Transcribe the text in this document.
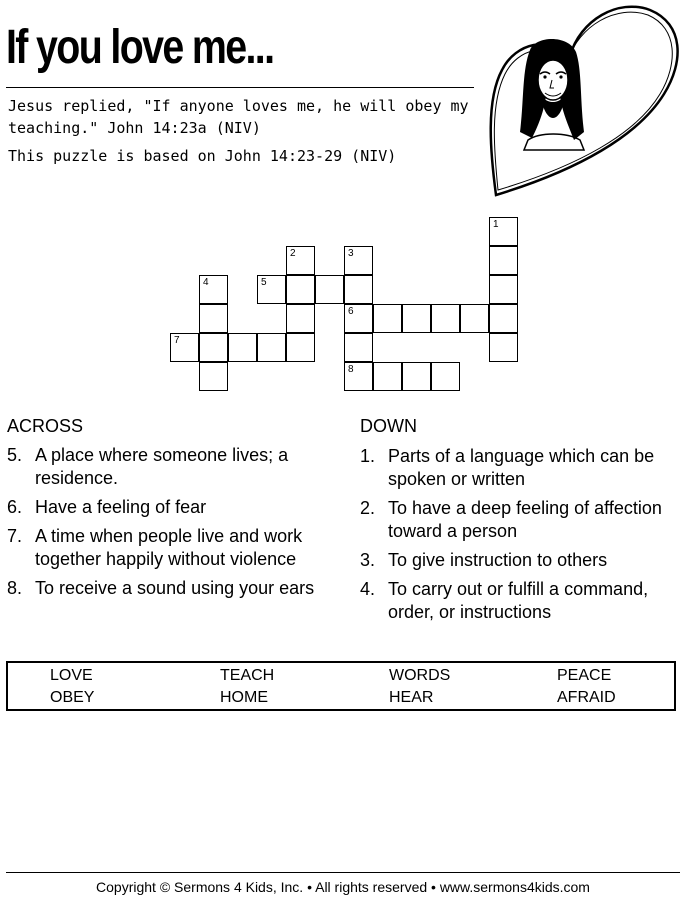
If you love me...
Jesus replied, "If anyone loves me, he will obey my teaching." John 14:23a (NIV)
This puzzle is based on John 14:23-29 (NIV)
1
2	3
5
4
6
7
8
ACROSS
5. A place where someone lives; a residence.
6. Have a feeling of fear
7. A time when people live and work together happily without violence
8. To receive a sound using your ears
DOWN
1. Parts of a language which can be spoken or written
2. To have a deep feeling of affection toward a person
3. To give instruction to others
4. To carry out or fulfill a command, order, or instructions
LOVE	TEACH	WORDS	PEACE
OBEY	HOME	HEAR	AFRAID
Copyright © Sermons 4 Kids, Inc. • All rights reserved • www.sermons4kids.com
